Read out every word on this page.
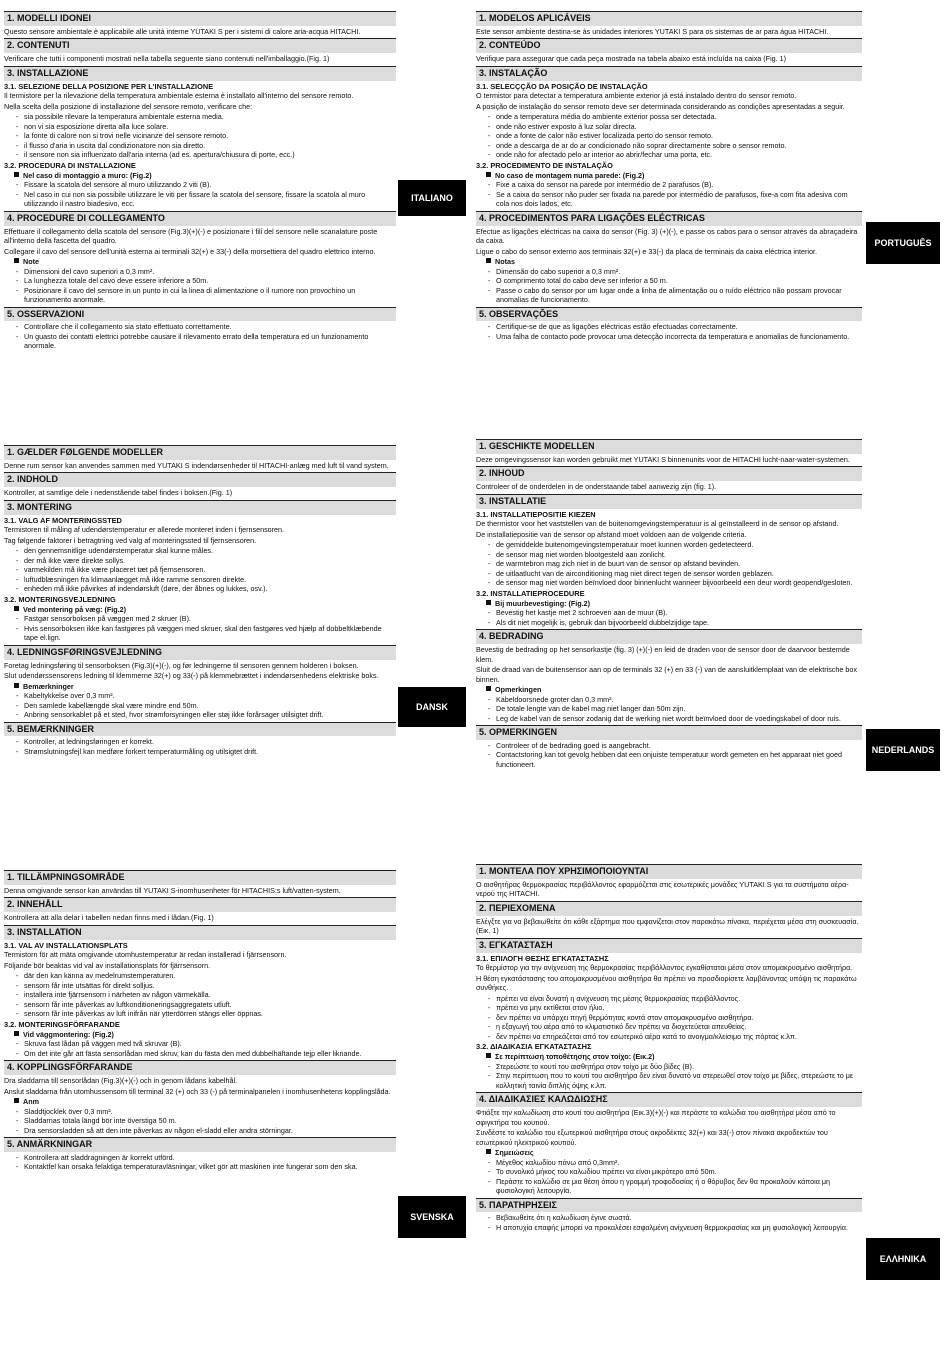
1. MODELLI IDONEI
Questo sensore ambientale è applicabile alle unità interne YUTAKI S per i sistemi di calore aria-acqua HITACHI.
2. CONTENUTI
Verificare che tutti i componenti mostrati nella tabella seguente siano contenuti nell'imballaggio.(Fig. 1)
3. INSTALLAZIONE
3.1. SELEZIONE DELLA POSIZIONE PER L'INSTALLAZIONE
Il termistore per la rilevazione della temperatura ambientale esterna è installato all'interno del sensore remoto.
Nella scelta della posizione di installazione del sensore remoto, verificare che:
- sia possibile rilevare la temperatura ambientale esterna media.
- non vi sia esposizione diretta alla luce solare.
- la fonte di calore non si trovi nelle vicinanze del sensore remoto.
- il flusso d'aria in uscita dal condizionatore non sia diretto.
- il sensore non sia influenzato dall'aria interna (ad es. apertura/chiusura di porte, ecc.)
3.2. PROCEDURA DI INSTALLAZIONE
Nel caso di montaggio a muro: (Fig.2)
- Fissare la scatola del sensore al muro utilizzando 2 viti (B).
- Nel caso in cui non sia possibile utilizzare le viti per fissare la scatola del sensore, fissare la scatola al muro utilizzando il nastro biadesivo, ecc.
4. PROCEDURE DI COLLEGAMENTO
Effettuare il collegamento della scatola del sensore (Fig.3)(+)(-) e posizionare i fili del sensore nelle scanalature poste all'interno della fascetta del quadro.
Collegare il cavo del sensore dell'unità esterna ai terminali 32(+) e 33(-) della morsettiera del quadro elettrico interno.
Note
- Dimensioni del cavo superiori a 0,3 mm².
- La lunghezza totale del cavo deve essere inferiore a 50m.
- Posizionare il cavo del sensore in un punto in cui la linea di alimentazione o il rumore non provochino un funzionamento anormale.
5. OSSERVAZIONI
- Controllare che il collegamento sia stato effettuato correttamente.
- Un guasto dei contatti elettrici potrebbe causare il rilevamento errato della temperatura ed un funzionamento anormale.
1. MODELOS APLICÁVEIS
Este sensor ambiente destina-se às unidades interiores YUTAKI S para os sistemas de ar para água HITACHI.
2. CONTEÚDO
Verifique para assegurar que cada peça mostrada na tabela abaixo está incluída na caixa (Fig. 1)
3. INSTALAÇÃO
3.1. SELECÇÇÃO DA POSIÇÃO DE INSTALAÇÃO
O termistor para detectar a temperatura ambiente exterior já está instalado dentro do sensor remoto.
A posição de instalação do sensor remoto deve ser determinada considerando as condições apresentadas a seguir.
- onde a temperatura média do ambiente exterior possa ser detectada.
- onde não estiver exposto à luz solar directa.
- onde a fonte de calor não estiver localizada perto do sensor remoto.
- onde a descarga de ar do ar condicionado não soprar directamente sobre o sensor remoto.
- onde não for afectado pelo ar interior ao abrir/fechar uma porta, etc.
3.2. PROCEDIMENTO DE INSTALAÇÃO
No caso de montagem numa parede: (Fig.2)
- Fixe a caixa do sensor na parede por intermédio de 2 parafusos (B).
- Se a caixa do sensor não puder ser fixada na parede por intermédio de parafusos, fixe-a com fita adesiva com cola nos dois lados, etc.
4. PROCEDIMENTOS PARA LIGAÇÕES ELÉCTRICAS
Efectue as ligações eléctricas na caixa do sensor (Fig. 3) (+)(-), e passe os cabos para o sensor através da abraçadeira da caixa.
Ligue o cabo do sensor externo aos terminais 32(+) e 33(-) da placa de terminais da caixa eléctrica interior.
Notas
- Dimensão do cabo superior a 0,3 mm².
- O comprimento total do cabo deve ser inferior a 50 m.
- Passe o cabo do sensor por um lugar onde a linha de alimentação ou o ruído eléctrico não possam provocar anomalias de funcionamento.
5. OBSERVAÇÕES
- Certifique-se de que as ligações eléctricas estão efectuadas correctamente.
- Uma falha de contacto pode provocar uma detecção incorrecta da temperatura e anomalias de funcionamento.
1. GÆLDER FØLGENDE MODELLER
Denne rum sensor kan anvendes sammen med YUTAKI S indendørsenheder til HITACHI-anlæg med luft til vand system.
2. INDHOLD
Kontroller, at samtlige dele i nedenstående tabel findes i boksen.(Fig. 1)
3. MONTERING
3.1. VALG AF MONTERINGSSTED
Termistoren til måling af udendørstemperatur er allerede monteret inden i fjernsensoren.
Tag følgende faktorer i betragtning ved valg af monteringssted til fjernsensoren.
- den gennemsnitlige udendørstemperatur skal kunne måles.
- der må ikke være direkte sollys.
- varmekilden må ikke være placeret tæt på fjernsensoren.
- luftudblæsningen fra klimaanlægget må ikke ramme sensoren direkte.
- enheden må ikke påvirkes af indendørsluft (døre, der åbnes og lukkes, osv.).
3.2. MONTERINGSVEJLEDNING
Ved montering på væg: (Fig.2)
- Fastgør sensorboksen på væggen med 2 skruer (B).
- Hvis sensorboksen ikke kan fastgøres på væggen med skruer, skal den fastgøres ved hjælp af dobbeltklæbende tape el.lign.
4. LEDNINGSFØRINGSVEJLEDNING
Foretag ledningsføring til sensorboksen (Fig.3)(+)(-), og før ledningerne til sensoren gennem holderen i boksen.
Slut udendørssensorens ledning til klemmerne 32(+) og 33(-) på klemmebrættet i indendørsenhedens elektriske boks.
Bemærkninger
- Kabeltykkelse over 0,3 mm².
- Den samlede kabellængde skal være mindre end 50m.
- Anbring sensorkablet på et sted, hvor strømforsyningen eller støj ikke forårsager utilsigtet drift.
5. BEMÆRKNINGER
- Kontroller, at ledningsføringen er korrekt.
- Strømslutningsfejl kan medføre forkert temperaturmåling og utilsigtet drift.
1. GESCHIKTE MODELLEN
Deze omgevingssensor kan worden gebruikt met YUTAKI S binnenunits voor de HITACHI lucht-naar-water-systemen.
2. INHOUD
Controleer of de onderdelen in de onderstaande tabel aanwezig zijn (fig. 1).
3. INSTALLATIE
3.1. INSTALLATIEPOSITIE KIEZEN
De thermistor voor het vaststellen van de buitenomgevingstemperatuur is al geïnstalleerd in de sensor op afstand.
De installatiepositie van de sensor op afstand moet voldoen aan de volgende criteria.
- de gemiddelde buitenomgevingstemperatuur moet kunnen worden gedetecteerd.
- de sensor mag niet worden blootgesteld aan zonlicht.
- de warmtebron mag zich niet in de buurt van de sensor op afstand bevinden.
- de uitlaatlucht van de airconditioning mag niet direct tegen de sensor worden geblazen.
- de sensor mag niet worden beïnvloed door binnenlucht wanneer bijvoorbeeld een deur wordt geopend/gesloten.
3.2. INSTALLATIEPROCEDURE
Bij muurbevestiging: (Fig.2)
- Bevestig het kastje met 2 schroeven aan de muur (B).
- Als dit niet mogelijk is, gebruik dan bijvoorbeeld dubbelzijdige tape.
4. BEDRADING
Bevestig de bedrading op het sensorkastje (fig. 3) (+)(-) en leid de draden voor de sensor door de daarvoor bestemde klem.
Sluit de draad van de buitensensor aan op de terminals 32 (+) en 33 (-) van de aansluitklemplaat van de elektrische box binnen.
Opmerkingen
- Kabeldoorsnede groter dan 0,3 mm².
- De totale lengte van de kabel mag niet langer dan 50m zijn.
- Leg de kabel van de sensor zodanig dat de werking niet wordt beïnvloed door de voedingskabel of door ruis.
5. OPMERKINGEN
- Controleer of de bedrading goed is aangebracht.
- Contactstoring kan tot gevolg hebben dat een onjuiste temperatuur wordt gemeten en het apparaat niet goed functioneert.
1. TILLÄMPNINGSOMRÅDE
Denna omgivande sensor kan användas till YUTAKI S-inomhusenheter för HITACHIS:s luft/vatten-system.
2. INNEHÅLL
Kontrollera att alla delar i tabellen nedan finns med i lådan.(Fig. 1)
3. INSTALLATION
3.1. VAL AV INSTALLATIONSPLATS
Termistorn för att mäta omgivande utomhustemperatur är redan installerad i fjärrsensorn.
Följande bör beaktas vid val av installationsplats för fjärrsensorn.
- där den kan känna av medelrumstemperaturen.
- sensorn får inte utsättas för direkt solljus.
- installera inte fjärrsensorn i närheten av någon värmekälla.
- sensorn får inte påverkas av luftkonditioneringsaggregatets utluft.
- sensorn får inte påverkas av luft inifrån när ytterdörren stängs eller öppnas.
3.2. MONTERINGSFÖRFARANDE
Vid väggmontering: (Fig.2)
- Skruva fast lådan på väggen med två skruvar (B).
- Om det inte går att fästa sensorlådan med skruv, kan du fästa den med dubbelhäftande tejp eller liknande.
4. KOPPLINGSFÖRFARANDE
Dra sladdarna till sensorlådan (Fig.3)(+)(-) och in genom lådans kabelhål.
Anslut sladdarna från utomhussensorn till terminal 32 (+) och 33 (-) på terminalpanelen i inomhusenhetens kopplingslåda.
Anm
- Sladdtjocklek över 0,3 mm².
- Sladdarnas totala längd bör inte överstiga 50 m.
- Dra sensorsladden så att den inte påverkas av någon el-sladd eller andra störningar.
5. ANMÄRKNINGAR
- Kontrollera att sladdragningen är korrekt utförd.
- Kontaktfel kan orsaka felaktiga temperaturavläsningar, vilket gör att maskinen inte fungerar som den ska.
1. ΜΟΝΤΕΛΑ ΠΟΥ ΧΡΗΣΙΜΟΠΟΙΟΥΝΤΑΙ
Ο αισθητήρας θερμοκρασίας περιβάλλοντος εφαρμόζεται στις εσωτερικές μονάδες YUTAKI S για τα συστήματα αέρα-νερού της HITACHI.
2. ΠΕΡΙΕΧΟΜΕΝΑ
Ελέγξτε για να βεβαιωθείτε ότι κάθε εξάρτημα που εμφανίζεται στον παρακάτω πίνακα, περιέχεται μέσα στη συσκευασία. (Εικ. 1)
3. ΕΓΚΑΤΑΣΤΑΣΗ
3.1. ΕΠΙΛΟΓΗ ΘΕΣΗΣ ΕΓΚΑΤΑΣΤΑΣΗΣ
Το θερμίστορ για την ανίχνευση της θερμοκρασίας περιβάλλοντος εγκαθίσταται μέσα στον απομακρυσμένο αισθητήρα.
Η θέση εγκατάστασης του απομακρυσμένου αισθητήρα θα πρέπει να προσδιορίσετε λαμβάνοντας υπόψη τις παρακάτω συνθήκες.
- πρέπει να είναι δυνατή η ανίχνευση της μέσης θερμοκρασίας περιβάλλοντος.
- πρέπει να μην εκτίθεται στον ήλιο.
- δεν πρέπει να υπάρχει πηγή θερμότητας κοντά στον απομακρυσμένο αισθητήρα.
- η εξαγωγή του αέρα από το κλιματιστικό δεν πρέπει να διοχετεύεται απευθείας.
- δεν πρέπει να επηρεάζεται από τον εσωτερικό αέρα κατά το ανοιγμα/κλείσιμο της πόρτας κ.λπ.
3.2. ΔΙΑΔΙΚΑΣΙΑ ΕΓΚΑΤΑΣΤΑΣΗΣ
Σε περίπτωση τοποθέτησης στον τοίχο: (Εικ.2)
- Στερεώστε το κουτί του αισθητήρα στον τοίχο με δύο βίδες (B).
- Στην περίπτωση που το κουτί του αισθητήρα δεν είναι δυνατό να στερεωθεί στον τοίχο με βίδες, στερεώστε το με κολλητική ταινία διπλής όψης κ.λπ.
4. ΔΙΑΔΙΚΑΣΙΕΣ ΚΑΛΩΔΙΩΣΗΣ
Φτιάξτε την καλωδίωση στο κουτί του αισθητήρα (Εικ.3)(+)(-) και περάστε τα καλώδια του αισθητήρα μέσα από το σφιγκτήρα του κουτιού.
Συνδέστε το καλώδιο του εξωτερικού αισθητήρα στους ακροδέκτες 32(+) και 33(-) στον πίνακα ακροδεκτών του εσωτερικού ηλεκτρικού κουτιού.
Σημειώσεις
- Μέγεθος καλωδίου πάνω από 0,3mm².
- Το συνολικό μήκος του καλωδίου πρέπει να είναι μικρότερο από 50m.
- Περάστε το καλώδιο σε μια θέση όπου η γραμμή τροφοδοσίας ή ο θόρυβος δεν θα προκαλούν κάποια μη φυσιολογική λειτουργία.
5. ΠΑΡΑΤΗΡΗΣΕΙΣ
- Βεβαιωθείτε ότι η καλωδίωση έγινε σωστά.
- Η αποτυχία επαφής μπορεί να προκαλέσει εσφαλμένη ανίχνευση θερμοκρασίας και μη φυσιολογική λειτουργία.
ITALIANO
PORTUGUÊS
DANSK
NEDERLANDS
SVENSKA
ΕΛΛΗΝΙΚΑ
